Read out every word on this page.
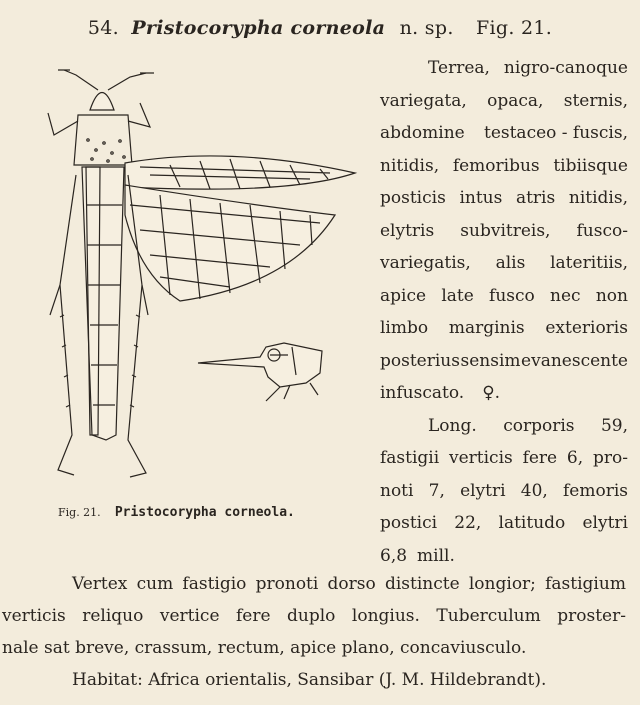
54. Pristocorypha corneola n. sp. Fig. 21.
Fig. 21. Pristocorypha corneola.
Terrea, nigro-canoque
variegata, opaca, sternis,
abdomine testaceo - fuscis,
nitidis, femoribus tibiisque
posticis intus atris nitidis,
elytris subvitreis, fusco-
variegatis, alis lateritiis,
apice late fusco nec non
limbo marginis exterioris
posterius sensim evanescente
infuscato. ♀.
Long. corporis 59,
fastigii verticis fere 6, pro-
noti 7, elytri 40, femoris
postici 22, latitudo elytri
6,8 mill.
Vertex cum fastigio pronoti dorso distincte longior; fastigium
verticis reliquo vertice fere duplo longius. Tuberculum proster-
nale sat breve, crassum, rectum, apice plano, concaviusculo.
Habitat: Africa orientalis, Sansibar (J. M. Hildebrandt).
